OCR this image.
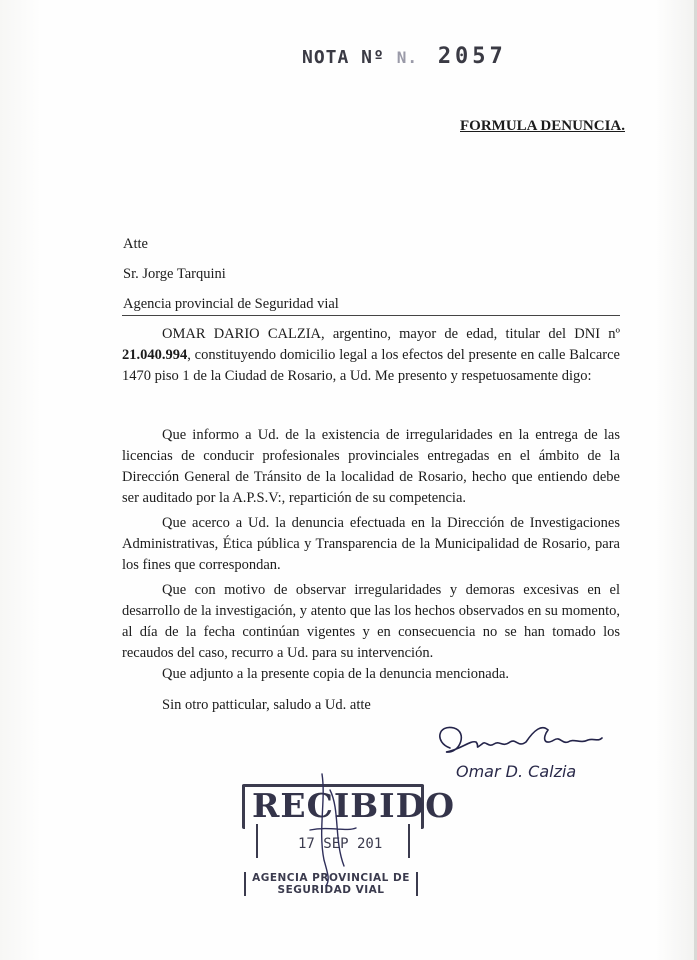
NOTA Nº N. 2057
FORMULA DENUNCIA.
Atte
Sr. Jorge Tarquini
Agencia provincial de Seguridad vial

OMAR DARIO CALZIA, argentino, mayor de edad, titular del DNI nº 21.040.994, constituyendo domicilio legal a los efectos del presente en calle Balcarce 1470 piso 1 de la Ciudad de Rosario, a Ud. Me presento y respetuosamente digo:

Que informo a Ud. de la existencia de irregularidades en la entrega de las licencias de conducir profesionales provinciales entregadas en el ámbito de la Dirección General de Tránsito de la localidad de Rosario, hecho que entiendo debe ser auditado por la A.P.S.V:, repartición de su competencia.

Que acerco a Ud. la denuncia efectuada en la Dirección de Investigaciones Administrativas, Ética pública y Transparencia de la Municipalidad de Rosario, para los fines que correspondan.

Que con motivo de observar irregularidades y demoras excesivas en el desarrollo de la investigación, y atento que las los hechos observados en su momento, al día de la fecha continúan vigentes y en consecuencia no se han tomado los recaudos del caso, recurro a Ud. para su intervención.

Que adjunto a la presente copia de la denuncia mencionada.
Sin otro patticular, saludo a Ud. atte
Omar D. Calzia
RECIBIDO
17 SEP 201
AGENCIA PROVINCIAL DE
SEGURIDAD VIAL
